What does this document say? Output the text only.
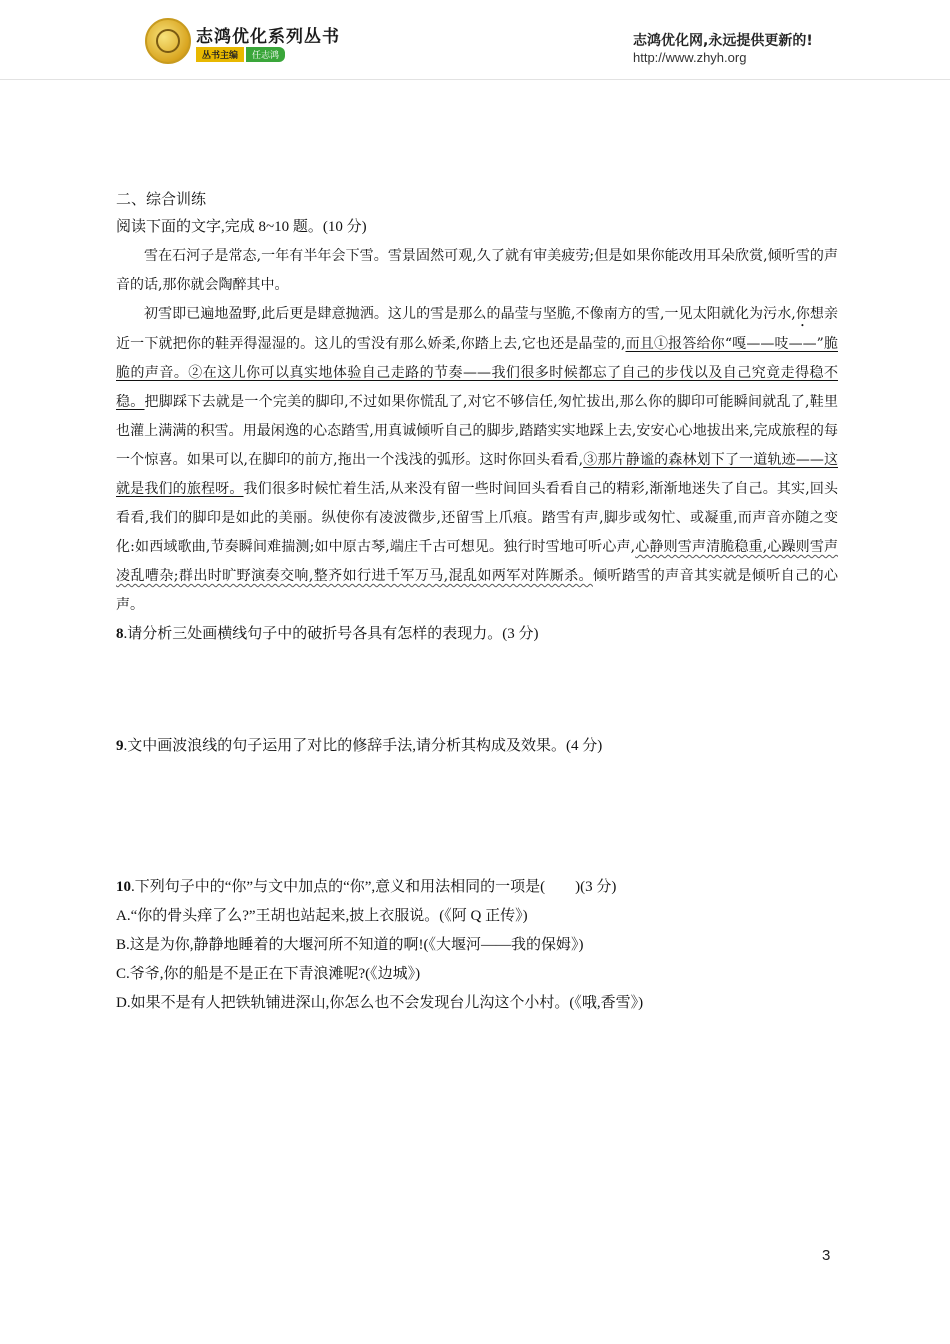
志鸿优化系列丛书
丛书主编 任志鸿
志鸿优化网,永远提供更新的!
http://www.zhyh.org
二、综合训练
阅读下面的文字,完成 8~10 题。(10 分)

雪在石河子是常态,一年有半年会下雪。雪景固然可观,久了就有审美疲劳;但是如果你能改用耳朵欣赏,倾听雪的声音的话,那你就会陶醉其中。

初雪即已遍地盈野,此后更是肆意抛洒。这儿的雪是那么的晶莹与坚脆,不像南方的雪,一见太阳就化为污水,你想亲近一下就把你的鞋弄得湿湿的。这儿的雪没有那么娇柔,你踏上去,它也还是晶莹的,而且①报答给你“嘎——吱——”脆脆的声音。②在这儿你可以真实地体验自己走路的节奏——我们很多时候都忘了自己的步伐以及自己究竟走得稳不稳。把脚踩下去就是一个完美的脚印,不过如果你慌乱了,对它不够信任,匆忙拔出,那么你的脚印可能瞬间就乱了,鞋里也灌上满满的积雪。用最闲逸的心态踏雪,用真诚倾听自己的脚步,踏踏实实地踩上去,安安心心地拔出来,完成旅程的每一个惊喜。如果可以,在脚印的前方,拖出一个浅浅的弧形。这时你回头看看,③那片静谧的森林划下了一道轨迹——这就是我们的旅程呀。我们很多时候忙着生活,从来没有留一些时间回头看看自己的精彩,渐渐地迷失了自己。其实,回头看看,我们的脚印是如此的美丽。纵使你有凌波微步,还留雪上爪痕。踏雪有声,脚步或匆忙、或凝重,而声音亦随之变化:如西域歌曲,节奏瞬间难揣测;如中原古琴,端庄千古可想见。独行时雪地可听心声,心静则雪声清脆稳重,心躁则雪声凌乱嘈杂;群出时旷野演奏交响,整齐如行进千军万马,混乱如两军对阵厮杀。倾听踏雪的声音其实就是倾听自己的心声。

8.请分析三处画横线句子中的破折号各具有怎样的表现力。(3 分)

9.文中画波浪线的句子运用了对比的修辞手法,请分析其构成及效果。(4 分)

10.下列句子中的“你”与文中加点的“你”,意义和用法相同的一项是(　　)(3 分)

A.“你的骨头痒了么?”王胡也站起来,披上衣服说。(《阿 Q 正传》)
B.这是为你,静静地睡着的大堰河所不知道的啊!(《大堰河——我的保姆》)
C.爷爷,你的船是不是正在下青浪滩呢?(《边城》)
D.如果不是有人把铁轨铺进深山,你怎么也不会发现台儿沟这个小村。(《哦,香雪》)
3
